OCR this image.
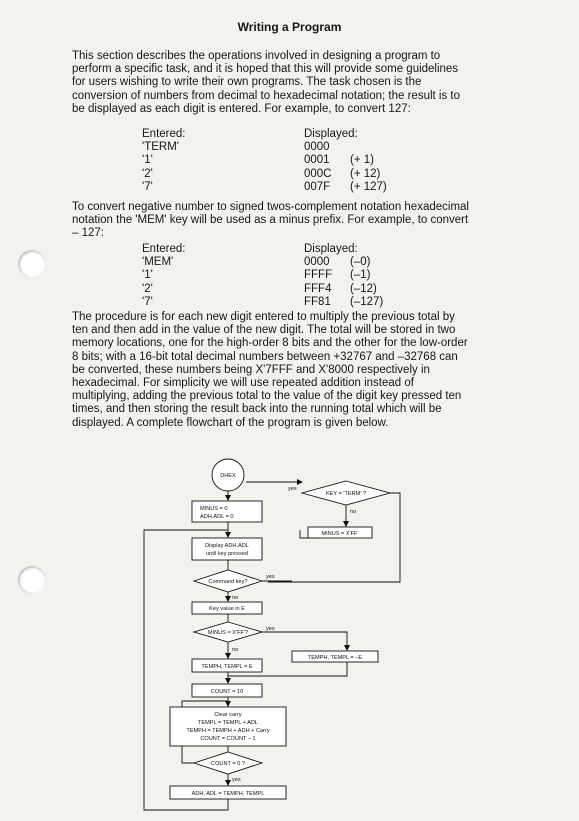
Writing a Program

This section describes the operations involved in designing a program to perform a specific task, and it is hoped that this will provide some guidelines for users wishing to write their own programs. The task chosen is the conversion of numbers from decimal to hexadecimal notation; the result is to be displayed as each digit is entered. For example, to convert 127:

Entered:	Displayed:
'TERM'	0000
'1'	0001	(+ 1)
'2'	000C	(+ 12)
'7'	007F	(+ 127)

To convert negative number to signed twos-complement notation hexadecimal notation the 'MEM' key will be used as a minus prefix. For example, to convert – 127:

Entered:	Displayed:
'MEM'	0000	(–0)
'1'	FFFF	(–1)
'2'	FFF4	(–12)
'7'	FF81	(–127)

The procedure is for each new digit entered to multiply the previous total by ten and then add in the value of the new digit. The total will be stored in two memory locations, one for the high-order 8 bits and the other for the low-order 8 bits; with a 16-bit total decimal numbers between +32767 and –32768 can be converted, these numbers being X'7FFF and X'8000 respectively in hexadecimal. For simplicity we will use repeated addition instead of multiplying, adding the previous total to the value of the digit key pressed ten times, and then storing the result back into the running total which will be displayed. A complete flowchart of the program is given below.

DHEX
MINUS = 0
ADH,ADL = 0
Display ADH,ADL
until key pressed
Command key?
yes
no
Key value in E
MINUS = X'FF'?
yes
no
TEMPH, TEMPL = E
COUNT = 10
Clear carry
TEMPL = TEMPL + ADL
TEMPH = TEMPH + ADH + Carry
COUNT = COUNT – 1
COUNT = 0 ?
yes
ADH, ADL = TEMPH, TEMPL
KEY = 'TERM' ?
yes
no
MINUS = X'FF'
TEMPH, TEMPL = –E
